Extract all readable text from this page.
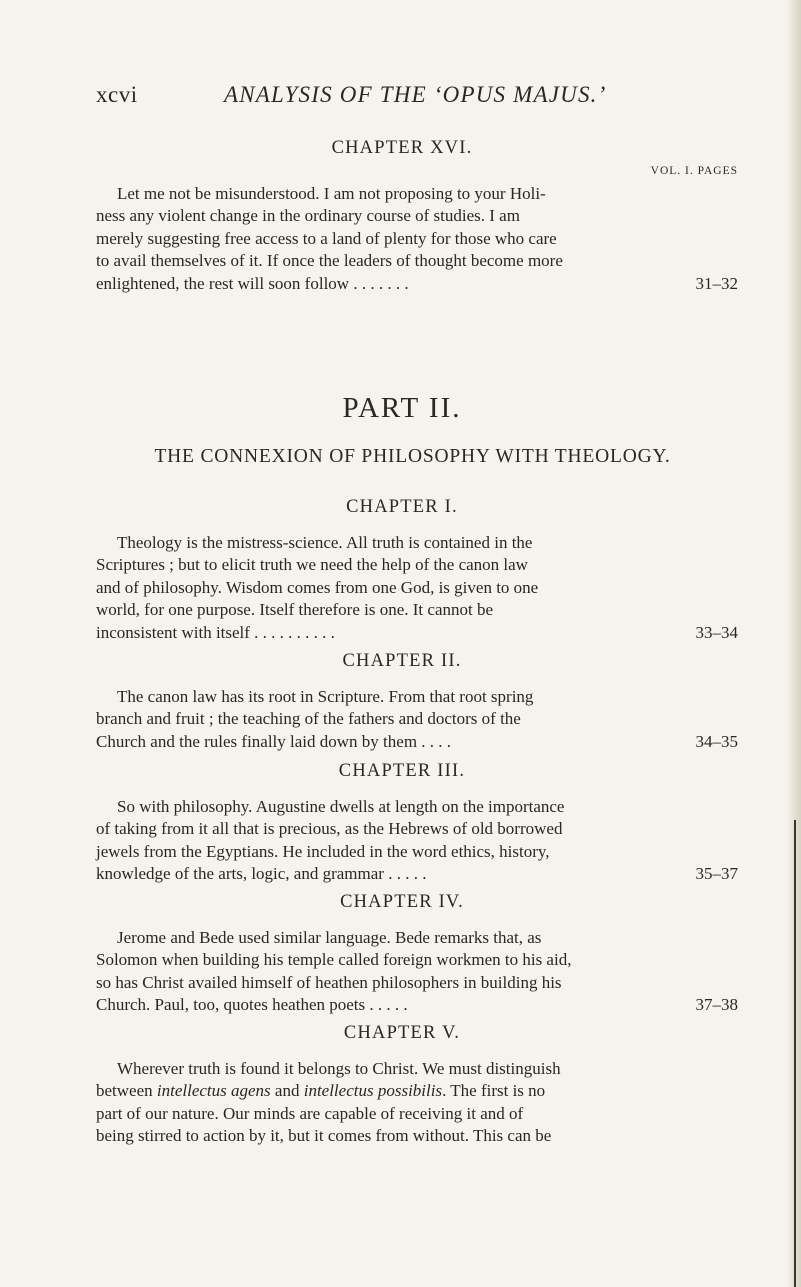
xcvi	ANALYSIS OF THE ‘OPUS MAJUS.’
CHAPTER XVI.
VOL. I. PAGES
Let me not be misunderstood. I am not proposing to your Holi-
ness any violent change in the ordinary course of studies. I am
merely suggesting free access to a land of plenty for those who care
to avail themselves of it. If once the leaders of thought become more
enlightened, the rest will soon follow . . . . . . .	31–32
PART II.
THE CONNEXION OF PHILOSOPHY WITH THEOLOGY.
CHAPTER I.
Theology is the mistress-science. All truth is contained in the
Scriptures ; but to elicit truth we need the help of the canon law
and of philosophy. Wisdom comes from one God, is given to one
world, for one purpose. Itself therefore is one. It cannot be
inconsistent with itself . . . . . . . . . .	33–34
CHAPTER II.
The canon law has its root in Scripture. From that root spring
branch and fruit ; the teaching of the fathers and doctors of the
Church and the rules finally laid down by them . . . .	34–35
CHAPTER III.
So with philosophy. Augustine dwells at length on the importance
of taking from it all that is precious, as the Hebrews of old borrowed
jewels from the Egyptians. He included in the word ethics, history,
knowledge of the arts, logic, and grammar . . . . .	35–37
CHAPTER IV.
Jerome and Bede used similar language. Bede remarks that, as
Solomon when building his temple called foreign workmen to his aid,
so has Christ availed himself of heathen philosophers in building his
Church. Paul, too, quotes heathen poets . . . . .	37–38
CHAPTER V.
Wherever truth is found it belongs to Christ. We must distinguish
between intellectus agens and intellectus possibilis. The first is no
part of our nature. Our minds are capable of receiving it and of
being stirred to action by it, but it comes from without. This can be
